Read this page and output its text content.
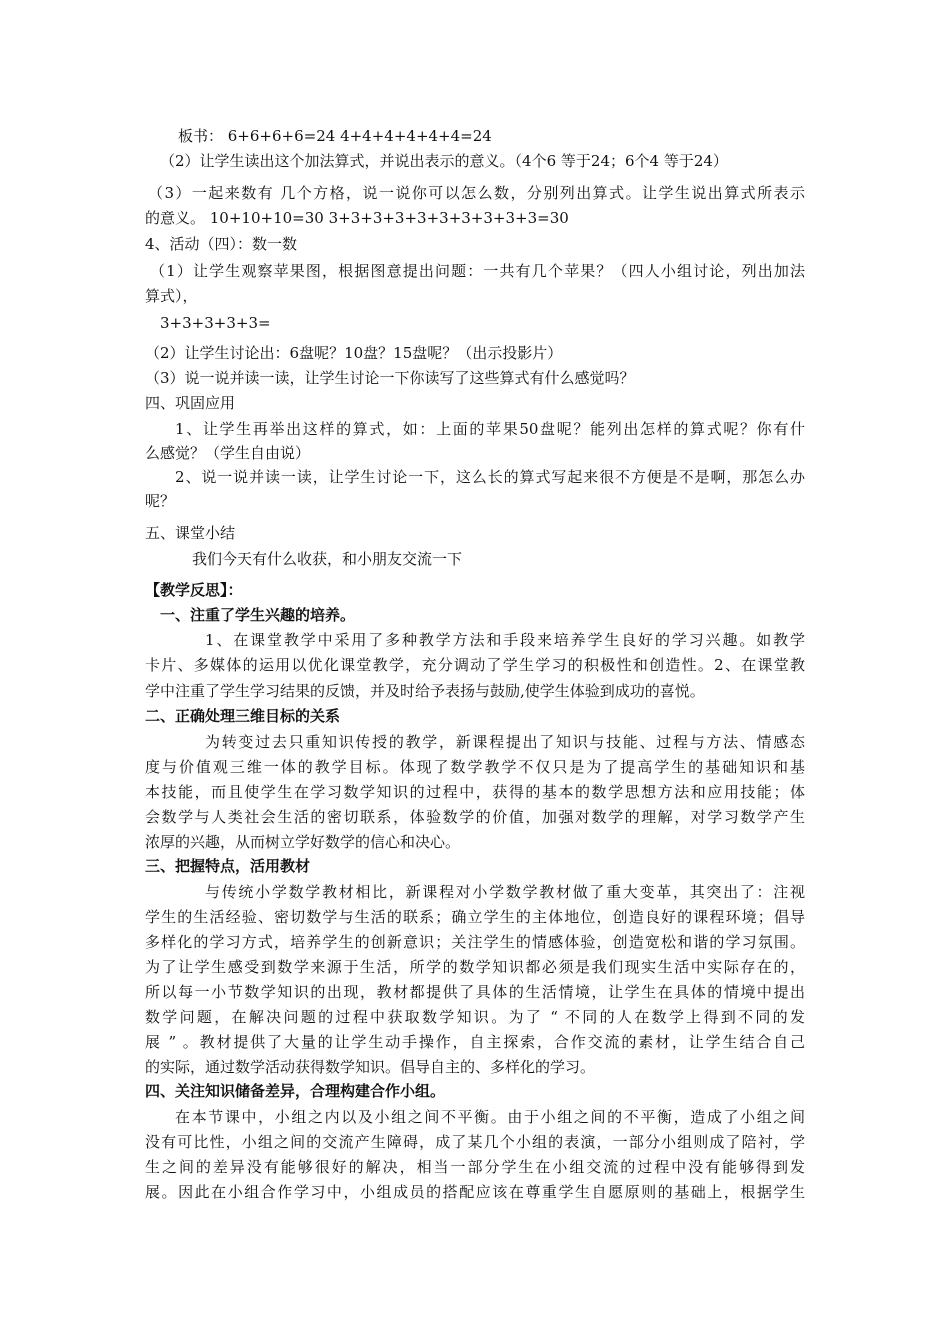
板书： 6+6+6+6=24 4+4+4+4+4+4=24
（2）让学生读出这个加法算式，并说出表示的意义。（4个6 等于24；6个4 等于24）
（3）一起来数有 几个方格，说一说你可以怎么数，分别列出算式。让学生说出算式所表示
的意义。 10+10+10=30 3+3+3+3+3+3+3+3+3+3=30
4、活动（四）：数一数
（1）让学生观察苹果图，根据图意提出问题：一共有几个苹果？（四人小组讨论，列出加法
算式），
3+3+3+3+3=
（2）让学生讨论出：6盘呢？10盘？15盘呢？（出示投影片）
（3）说一说并读一读，让学生讨论一下你读写了这些算式有什么感觉吗？
四、巩固应用
1、让学生再举出这样的算式，如：上面的苹果50盘呢？能列出怎样的算式呢？你有什
么感觉？（学生自由说）
2、说一说并读一读，让学生讨论一下，这么长的算式写起来很不方便是不是啊，那怎么办
呢？
五、课堂小结
我们今天有什么收获，和小朋友交流一下
【教学反思】：
一、注重了学生兴趣的培养。
1、在课堂教学中采用了多种教学方法和手段来培养学生良好的学习兴趣。如教学
卡片、多媒体的运用以优化课堂教学，充分调动了学生学习的积极性和创造性。2、在课堂教
学中注重了学生学习结果的反馈，并及时给予表扬与鼓励,使学生体验到成功的喜悦。
二、正确处理三维目标的关系
为转变过去只重知识传授的教学，新课程提出了知识与技能、过程与方法、情感态
度与价值观三维一体的教学目标。体现了数学教学不仅只是为了提高学生的基础知识和基
本技能，而且使学生在学习数学知识的过程中，获得的基本的数学思想方法和应用技能；体
会数学与人类社会生活的密切联系，体验数学的价值，加强对数学的理解，对学习数学产生
浓厚的兴趣，从而树立学好数学的信心和决心。
三、把握特点，活用教材
与传统小学数学教材相比，新课程对小学数学教材做了重大变革，其突出了：注视
学生的生活经验、密切数学与生活的联系；确立学生的主体地位，创造良好的课程环境；倡导
多样化的学习方式，培养学生的创新意识；关注学生的情感体验，创造宽松和谐的学习氛围。
为了让学生感受到数学来源于生活，所学的数学知识都必须是我们现实生活中实际存在的，
所以每一小节数学知识的出现，教材都提供了具体的生活情境，让学生在具体的情境中提出
数学问题，在解决问题的过程中获取数学知识。为了 “ 不同的人在数学上得到不同的发
展 ” 。教材提供了大量的让学生动手操作，自主探索，合作交流的素材，让学生结合自己
的实际，通过数学活动获得数学知识。倡导自主的、多样化的学习。
四、关注知识储备差异，合理构建合作小组。
在本节课中，小组之内以及小组之间不平衡。由于小组之间的不平衡，造成了小组之间
没有可比性，小组之间的交流产生障碍，成了某几个小组的表演，一部分小组则成了陪衬，学
生之间的差异没有能够很好的解决，相当一部分学生在小组交流的过程中没有能够得到发
展。因此在小组合作学习中，小组成员的搭配应该在尊重学生自愿原则的基础上，根据学生
